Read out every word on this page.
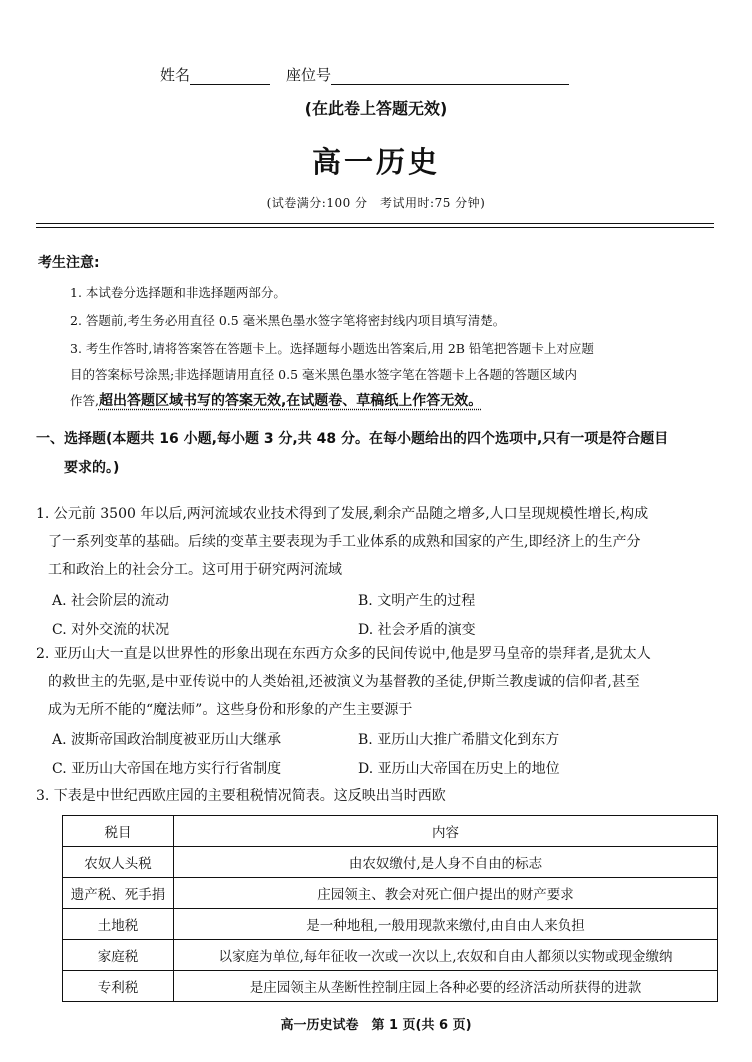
姓名	座位号
(在此卷上答题无效)
高一历史
(试卷满分:100 分　考试用时:75 分钟)
考生注意:
1. 本试卷分选择题和非选择题两部分。
2. 答题前,考生务必用直径 0.5 毫米黑色墨水签字笔将密封线内项目填写清楚。
3. 考生作答时,请将答案答在答题卡上。选择题每小题选出答案后,用 2B 铅笔把答题卡上对应题
目的答案标号涂黑;非选择题请用直径 0.5 毫米黑色墨水签字笔在答题卡上各题的答题区域内
作答,超出答题区域书写的答案无效,在试题卷、草稿纸上作答无效。
一、选择题(本题共 16 小题,每小题 3 分,共 48 分。在每小题给出的四个选项中,只有一项是符合题目
要求的。)
1. 公元前 3500 年以后,两河流域农业技术得到了发展,剩余产品随之增多,人口呈现规模性增长,构成
了一系列变革的基础。后续的变革主要表现为手工业体系的成熟和国家的产生,即经济上的生产分
工和政治上的社会分工。这可用于研究两河流域
A. 社会阶层的流动	B. 文明产生的过程
C. 对外交流的状况	D. 社会矛盾的演变
2. 亚历山大一直是以世界性的形象出现在东西方众多的民间传说中,他是罗马皇帝的崇拜者,是犹太人
的救世主的先驱,是中亚传说中的人类始祖,还被演义为基督教的圣徒,伊斯兰教虔诚的信仰者,甚至
成为无所不能的“魔法师”。这些身份和形象的产生主要源于
A. 波斯帝国政治制度被亚历山大继承	B. 亚历山大推广希腊文化到东方
C. 亚历山大帝国在地方实行行省制度	D. 亚历山大帝国在历史上的地位
3. 下表是中世纪西欧庄园的主要租税情况简表。这反映出当时西欧
税目	内容
农奴人头税	由农奴缴付,是人身不自由的标志
遗产税、死手捐	庄园领主、教会对死亡佃户提出的财产要求
土地税	是一种地租,一般用现款来缴付,由自由人来负担
家庭税	以家庭为单位,每年征收一次或一次以上,农奴和自由人都须以实物或现金缴纳
专利税	是庄园领主从垄断性控制庄园上各种必要的经济活动所获得的进款
高一历史试卷　第 1 页(共 6 页)
